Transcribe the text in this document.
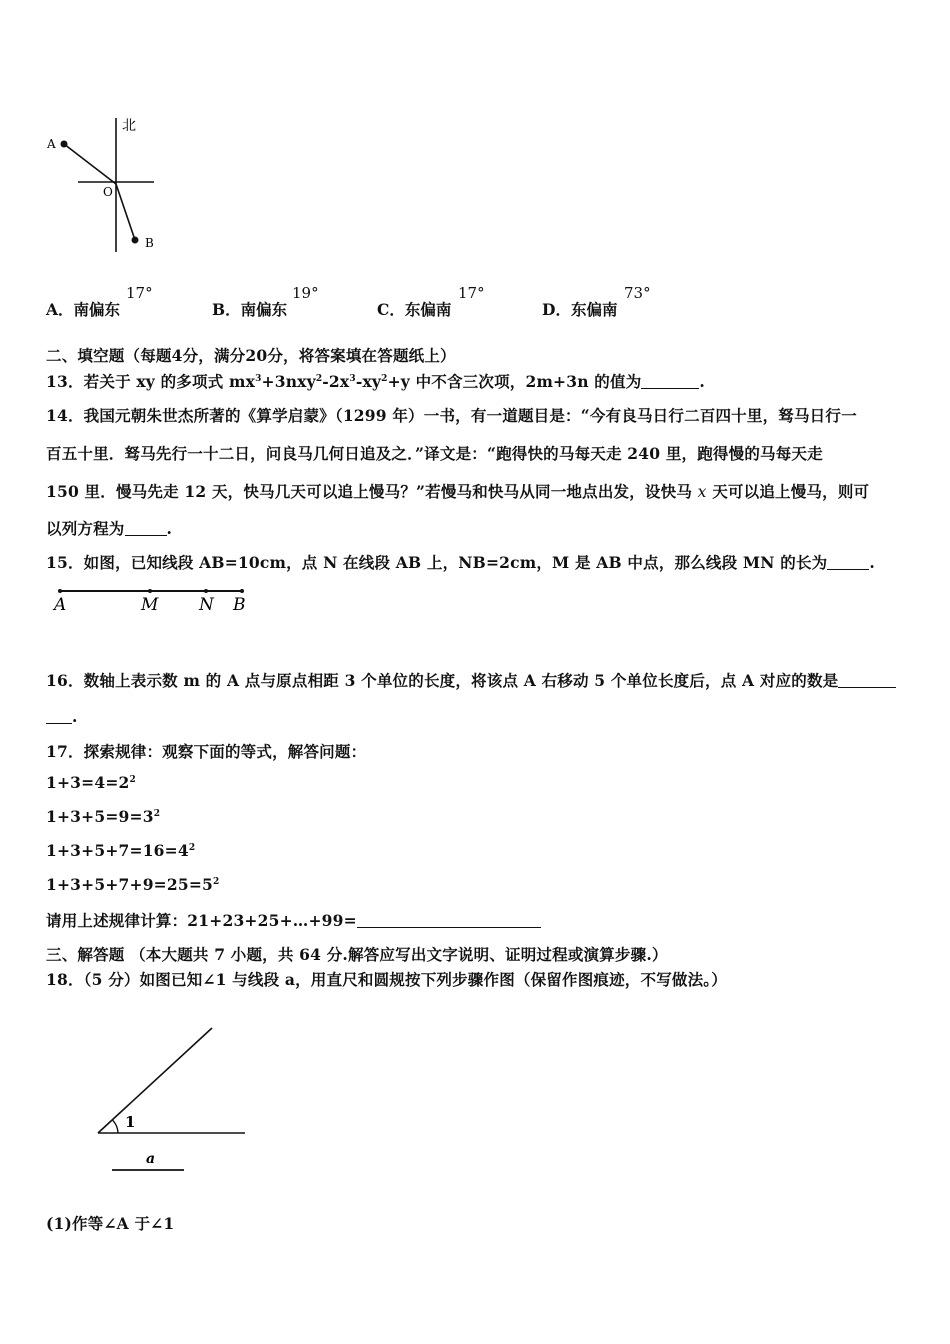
北
A
O
B
A．南偏东
17°
B．南偏东
19°
C．东偏南
17°
D．东偏南
73°
二、填空题（每题4分，满分20分，将答案填在答题纸上）
13．若关于 xy 的多项式 $mx^3+3nxy^2-2x^3-xy^2+y$ 中不含三次项，2m+3n 的值为	.
14．我国元朝朱世杰所著的《算学启蒙》（1299 年）一书，有一道题目是：“今有良马日行二百四十里，驽马日行一
百五十里．驽马先行一十二日，问良马几何日追及之．”译文是：“跑得快的马每天走 240 里，跑得慢的马每天走
150 里．慢马先走 12 天，快马几天可以追上慢马？”若慢马和快马从同一地点出发，设快马 x 天可以追上慢马，则可
以列方程为	.
15．如图，已知线段 AB=10cm，点 N 在线段 AB 上，NB=2cm，M 是 AB 中点，那么线段 MN 的长为	.
A	M N B
16．数轴上表示数 m 的 A 点与原点相距 3 个单位的长度，将该点 A 右移动 5 个单位长度后，点 A 对应的数是
.
17．探索规律：观察下面的等式，解答问题：
$1+3=4=2^2$
$1+3+5=9=3^2$
$1+3+5+7=16=4^2$
$1+3+5+7+9=25=5^2$
请用上述规律计算：21+23+25+…+99=
三、解答题 （本大题共 7 小题，共 64 分.解答应写出文字说明、证明过程或演算步骤.）
18．（5 分）如图已知∠1 与线段 a，用直尺和圆规按下列步骤作图（保留作图痕迹，不写做法。）
1
a
(1)作等∠A 于∠1
